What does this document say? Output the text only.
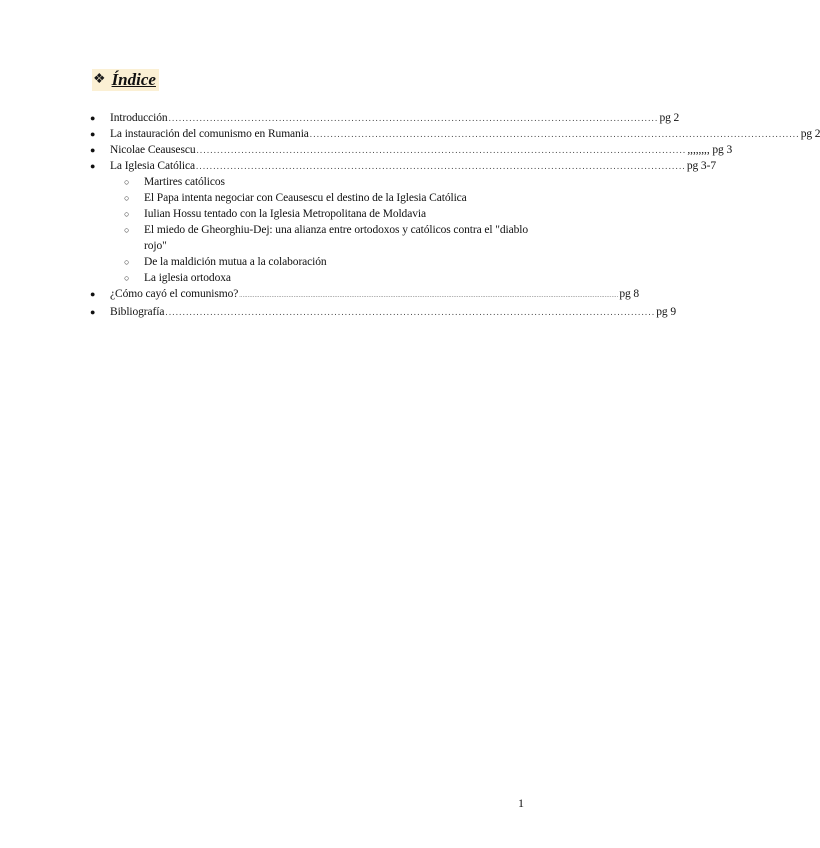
❖ Índice
●	Introducción .............................................................................................................................................. pg 2
●	La instauración del comunismo en Rumania .............................................................................................................................................. pg 2
●	Nicolae Ceausescu .............................................................................................................................................. ,,,,,,,, pg 3
●	La Iglesia Católica .............................................................................................................................................. pg 3-7
○	Martires católicos
○	El Papa intenta negociar con Ceausescu el destino de la Iglesia Católica
○	Iulian Hossu tentado con la Iglesia Metropolitana de Moldavia
○	El miedo de Gheorghiu-Dej: una alianza entre ortodoxos y católicos contra el "diablo rojo"
○	De la maldición mutua a la colaboración
○	La iglesia ortodoxa
●	¿Cómo cayó el comunismo? ............................................................................................................................................................................................................................... pg 8
●	Bibliografía .............................................................................................................................................. pg 9
1
